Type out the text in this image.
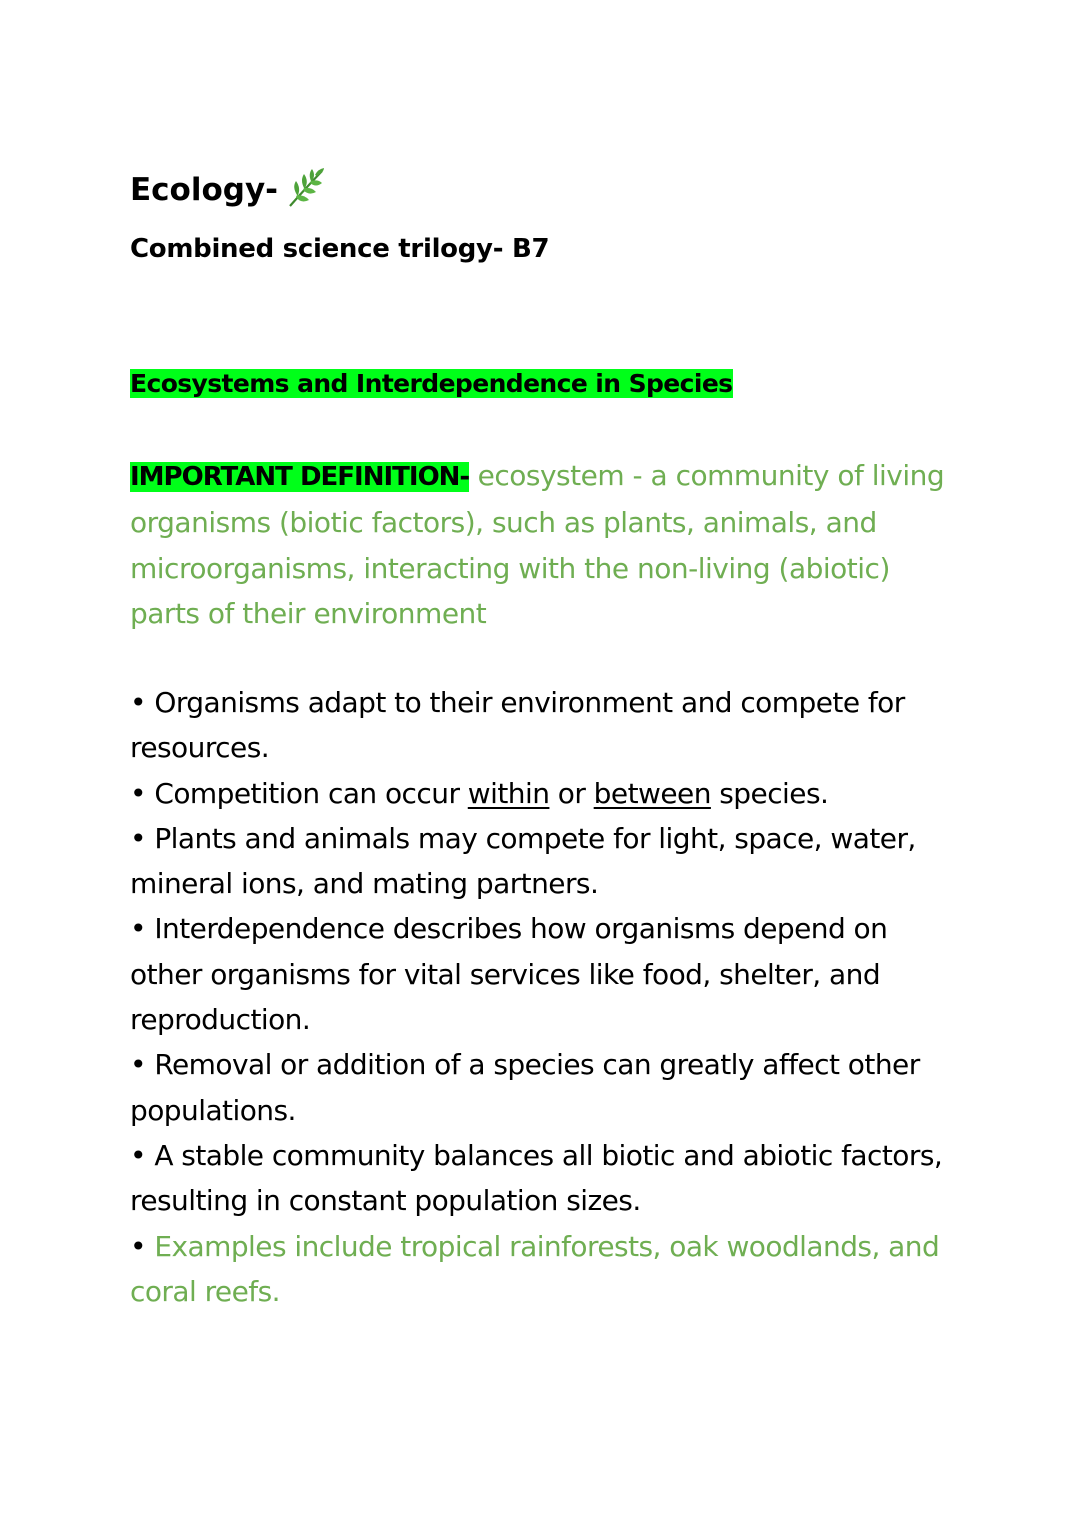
Ecology-
Combined science trilogy- B7
Ecosystems and Interdependence in Species
IMPORTANT DEFINITION- ecosystem - a community of living organisms (biotic factors), such as plants, animals, and microorganisms, interacting with the non-living (abiotic) parts of their environment
• Organisms adapt to their environment and compete for resources.
• Competition can occur within or between species.
• Plants and animals may compete for light, space, water, mineral ions, and mating partners.
• Interdependence describes how organisms depend on other organisms for vital services like food, shelter, and reproduction.
• Removal or addition of a species can greatly affect other populations.
• A stable community balances all biotic and abiotic factors, resulting in constant population sizes.
• Examples include tropical rainforests, oak woodlands, and coral reefs.
